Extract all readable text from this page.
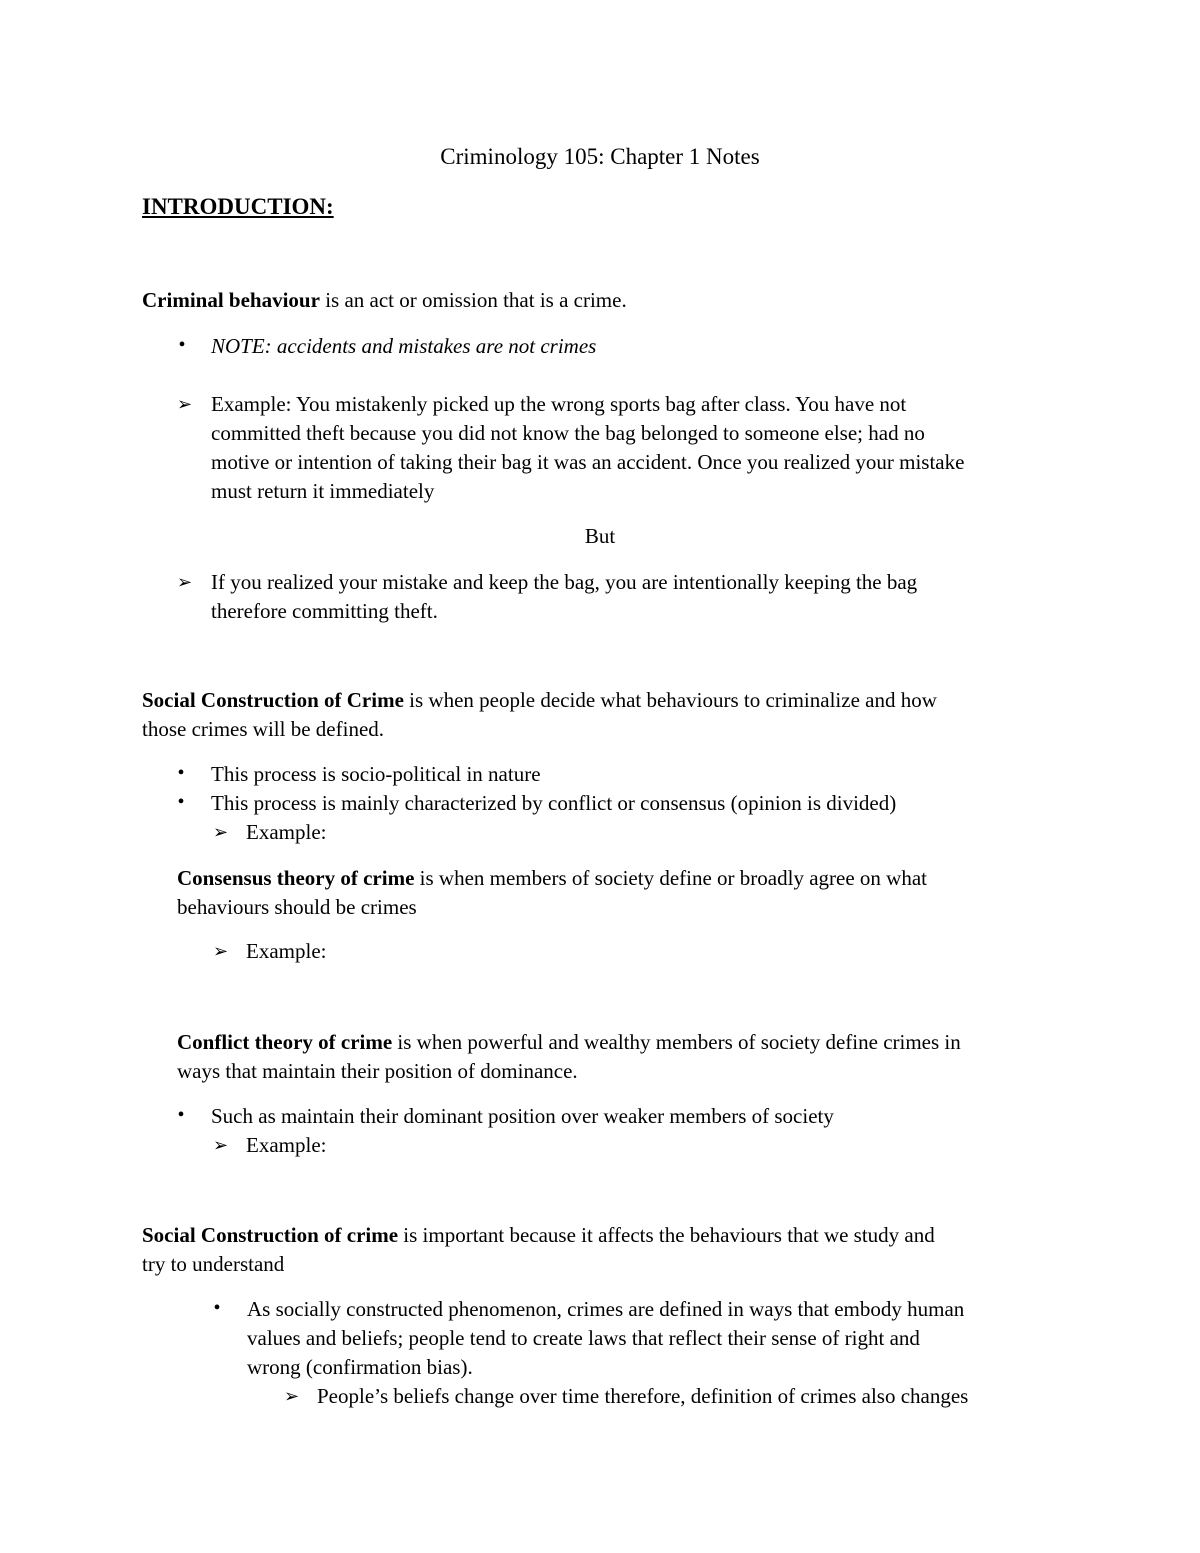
Criminology 105: Chapter 1 Notes
INTRODUCTION:
Criminal behaviour is an act or omission that is a crime.
• NOTE: accidents and mistakes are not crimes
➢ Example: You mistakenly picked up the wrong sports bag after class. You have not
committed theft because you did not know the bag belonged to someone else; had no
motive or intention of taking their bag it was an accident. Once you realized your mistake
must return it immediately
But
➢ If you realized your mistake and keep the bag, you are intentionally keeping the bag
therefore committing theft.
Social Construction of Crime is when people decide what behaviours to criminalize and how
those crimes will be defined.
• This process is socio-political in nature
• This process is mainly characterized by conflict or consensus (opinion is divided)
➢ Example:
Consensus theory of crime is when members of society define or broadly agree on what
behaviours should be crimes
➢ Example:
Conflict theory of crime is when powerful and wealthy members of society define crimes in
ways that maintain their position of dominance.
• Such as maintain their dominant position over weaker members of society
➢ Example:
Social Construction of crime is important because it affects the behaviours that we study and
try to understand
• As socially constructed phenomenon, crimes are defined in ways that embody human
values and beliefs; people tend to create laws that reflect their sense of right and
wrong (confirmation bias).
➢ People’s beliefs change over time therefore, definition of crimes also changes
